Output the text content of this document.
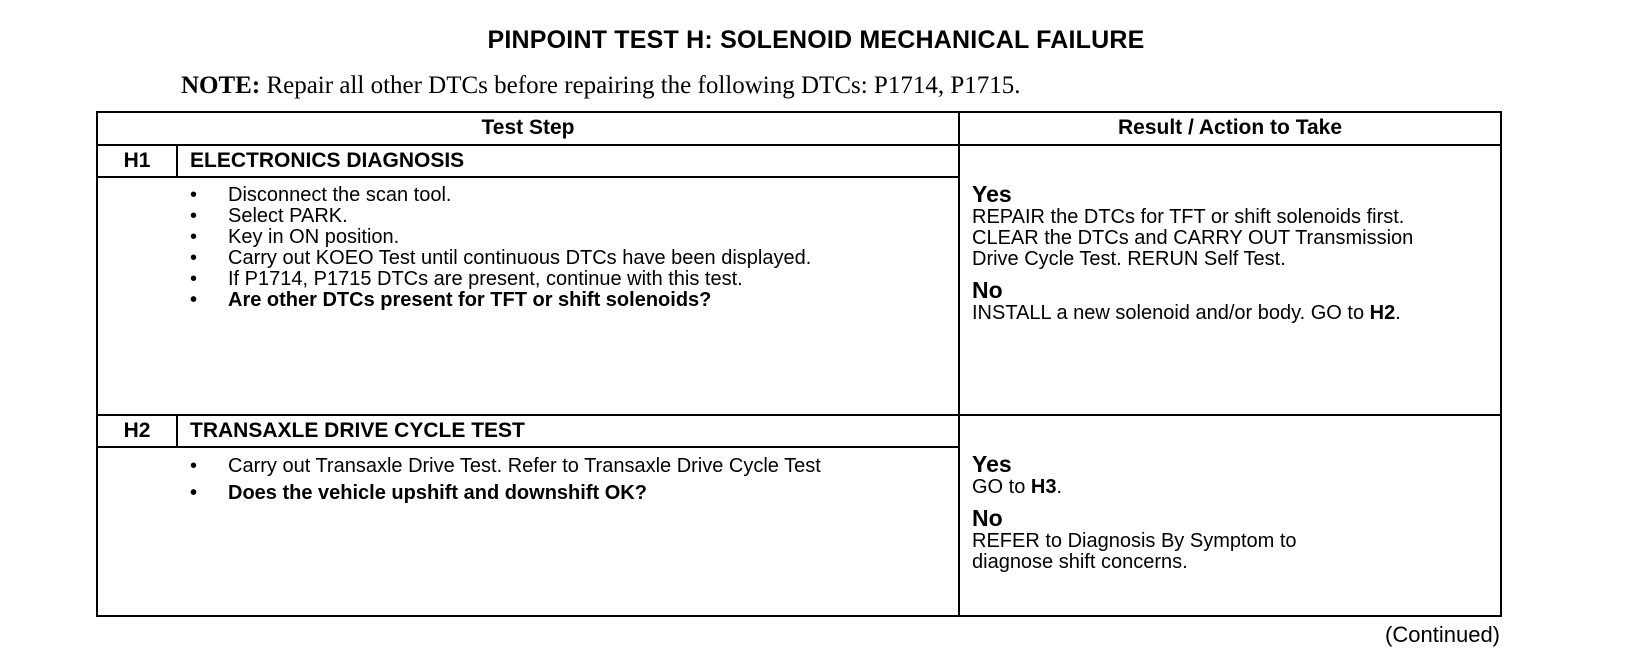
PINPOINT TEST H: SOLENOID MECHANICAL FAILURE
NOTE: Repair all other DTCs before repairing the following DTCs: P1714, P1715.
Test Step	Result / Action to Take
H1	ELECTRONICS DIAGNOSIS
• Disconnect the scan tool.
• Select PARK.
• Key in ON position.
• Carry out KOEO Test until continuous DTCs have been displayed.
• If P1714, P1715 DTCs are present, continue with this test.
• Are other DTCs present for TFT or shift solenoids?
Yes
REPAIR the DTCs for TFT or shift solenoids first. CLEAR the DTCs and CARRY OUT Transmission Drive Cycle Test. RERUN Self Test.
No
INSTALL a new solenoid and/or body. GO to H2.
H2	TRANSAXLE DRIVE CYCLE TEST
• Carry out Transaxle Drive Test. Refer to Transaxle Drive Cycle Test
• Does the vehicle upshift and downshift OK?
Yes
GO to H3.
No
REFER to Diagnosis By Symptom to diagnose shift concerns.
(Continued)
